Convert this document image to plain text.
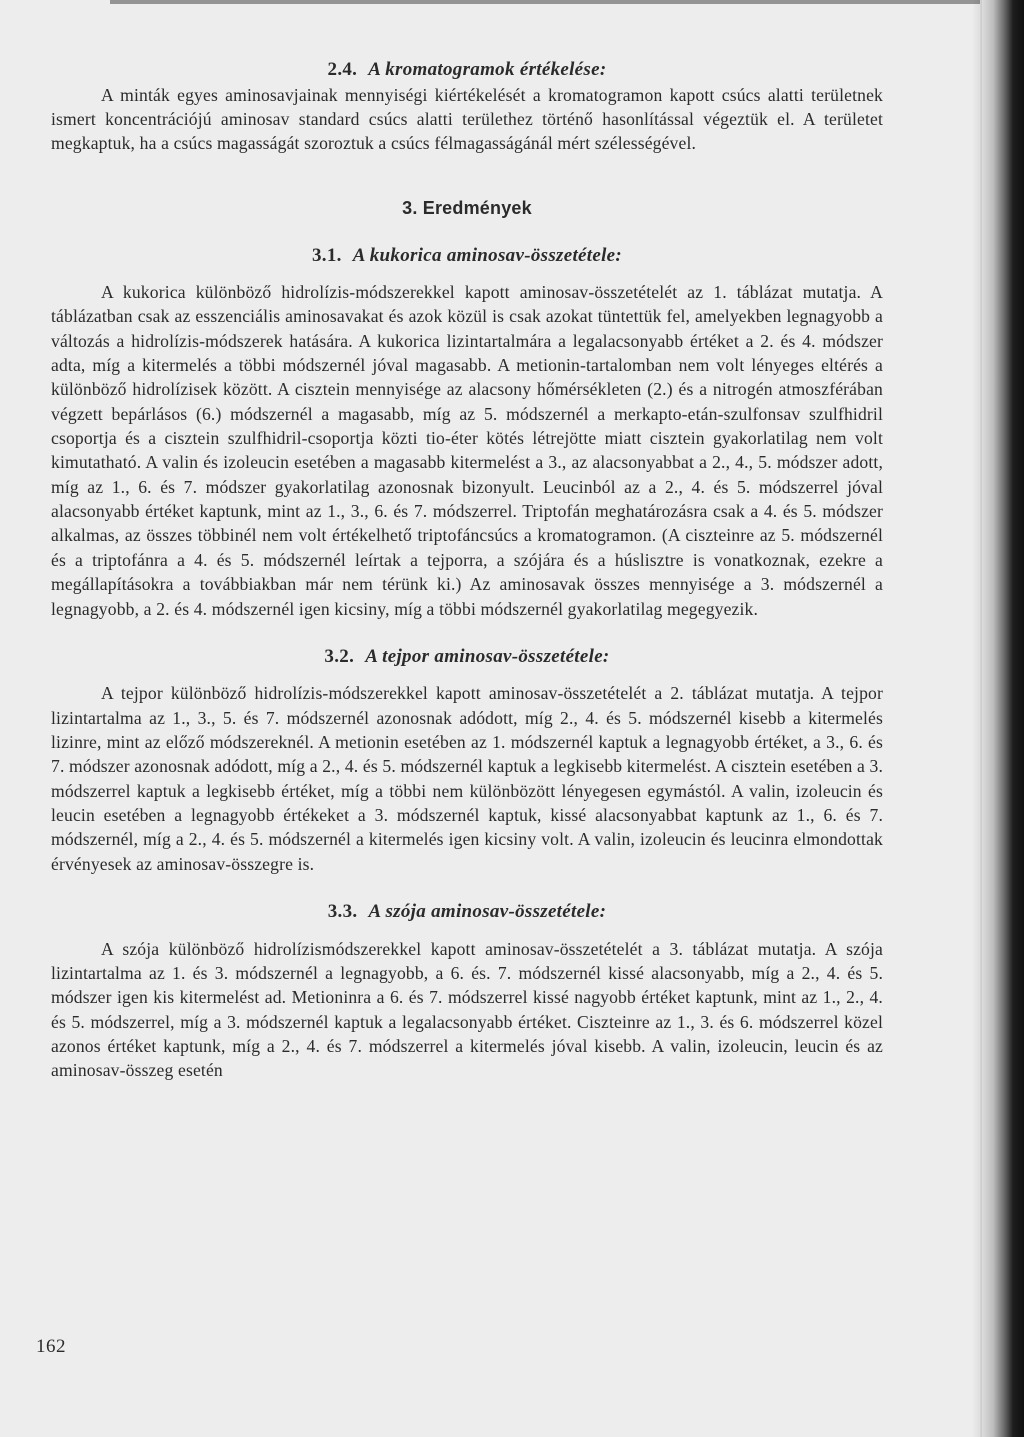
2.4. A kromatogramok értékelése:

A minták egyes aminosavjainak mennyiségi kiértékelését a kromatogramon kapott csúcs alatti területnek ismert koncentrációjú aminosav standard csúcs alatti területhez történő hasonlítással végeztük el. A területet megkaptuk, ha a csúcs magasságát szoroztuk a csúcs félmagasságánál mért szélességével.

3. Eredmények
3.1. A kukorica aminosav-összetétele:

A kukorica különböző hidrolízis-módszerekkel kapott aminosav-összetételét az 1. táblázat mutatja. A táblázatban csak az esszenciális aminosavakat és azok közül is csak azokat tüntettük fel, amelyekben legnagyobb a változás a hidrolízis-módszerek hatására. A kukorica lizintartalmára a legalacsonyabb értéket a 2. és 4. módszer adta, míg a kitermelés a többi módszernél jóval magasabb. A metionin-tartalomban nem volt lényeges eltérés a különböző hidrolízisek között. A cisztein mennyisége az alacsony hőmérsékleten (2.) és a nitrogén atmoszférában végzett bepárlásos (6.) módszernél a magasabb, míg az 5. módszernél a merkapto-etán-szulfonsav szulfhidril csoportja és a cisztein szulfhidril-csoportja közti tio-éter kötés létrejötte miatt cisztein gyakorlatilag nem volt kimutatható. A valin és izoleucin esetében a magasabb kitermelést a 3., az alacsonyabbat a 2., 4., 5. módszer adott, míg az 1., 6. és 7. módszer gyakorlatilag azonosnak bizonyult. Leucinból az a 2., 4. és 5. módszerrel jóval alacsonyabb értéket kaptunk, mint az 1., 3., 6. és 7. módszerrel. Triptofán meghatározásra csak a 4. és 5. módszer alkalmas, az összes többinél nem volt értékelhető triptofáncsúcs a kromatogramon. (A ciszteinre az 5. módszernél és a triptofánra a 4. és 5. módszernél leírtak a tejporra, a szójára és a húslisztre is vonatkoznak, ezekre a megállapításokra a továbbiakban már nem térünk ki.) Az aminosavak összes mennyisége a 3. módszernél a legnagyobb, a 2. és 4. módszernél igen kicsiny, míg a többi módszernél gyakorlatilag megegyezik.

3.2. A tejpor aminosav-összetétele:

A tejpor különböző hidrolízis-módszerekkel kapott aminosav-összetételét a 2. táblázat mutatja. A tejpor lizintartalma az 1., 3., 5. és 7. módszernél azonosnak adódott, míg 2., 4. és 5. módszernél kisebb a kitermelés lizinre, mint az előző módszereknél. A metionin esetében az 1. módszernél kaptuk a legnagyobb értéket, a 3., 6. és 7. módszer azonosnak adódott, míg a 2., 4. és 5. módszernél kaptuk a legkisebb kitermelést. A cisztein esetében a 3. módszerrel kaptuk a legkisebb értéket, míg a többi nem különbözött lényegesen egymástól. A valin, izoleucin és leucin esetében a legnagyobb értékeket a 3. módszernél kaptuk, kissé alacsonyabbat kaptunk az 1., 6. és 7. módszernél, míg a 2., 4. és 5. módszernél a kitermelés igen kicsiny volt. A valin, izoleucin és leucinra elmondottak érvényesek az aminosav-összegre is.

3.3. A szója aminosav-összetétele:

A szója különböző hidrolízismódszerekkel kapott aminosav-összetételét a 3. táblázat mutatja. A szója lizintartalma az 1. és 3. módszernél a legnagyobb, a 6. és. 7. módszernél kissé alacsonyabb, míg a 2., 4. és 5. módszer igen kis kitermelést ad. Metioninra a 6. és 7. módszerrel kissé nagyobb értéket kaptunk, mint az 1., 2., 4. és 5. módszerrel, míg a 3. módszernél kaptuk a legalacsonyabb értéket. Ciszteinre az 1., 3. és 6. módszerrel közel azonos értéket kaptunk, míg a 2., 4. és 7. módszerrel a kitermelés jóval kisebb. A valin, izoleucin, leucin és az aminosav-összeg esetén

162
